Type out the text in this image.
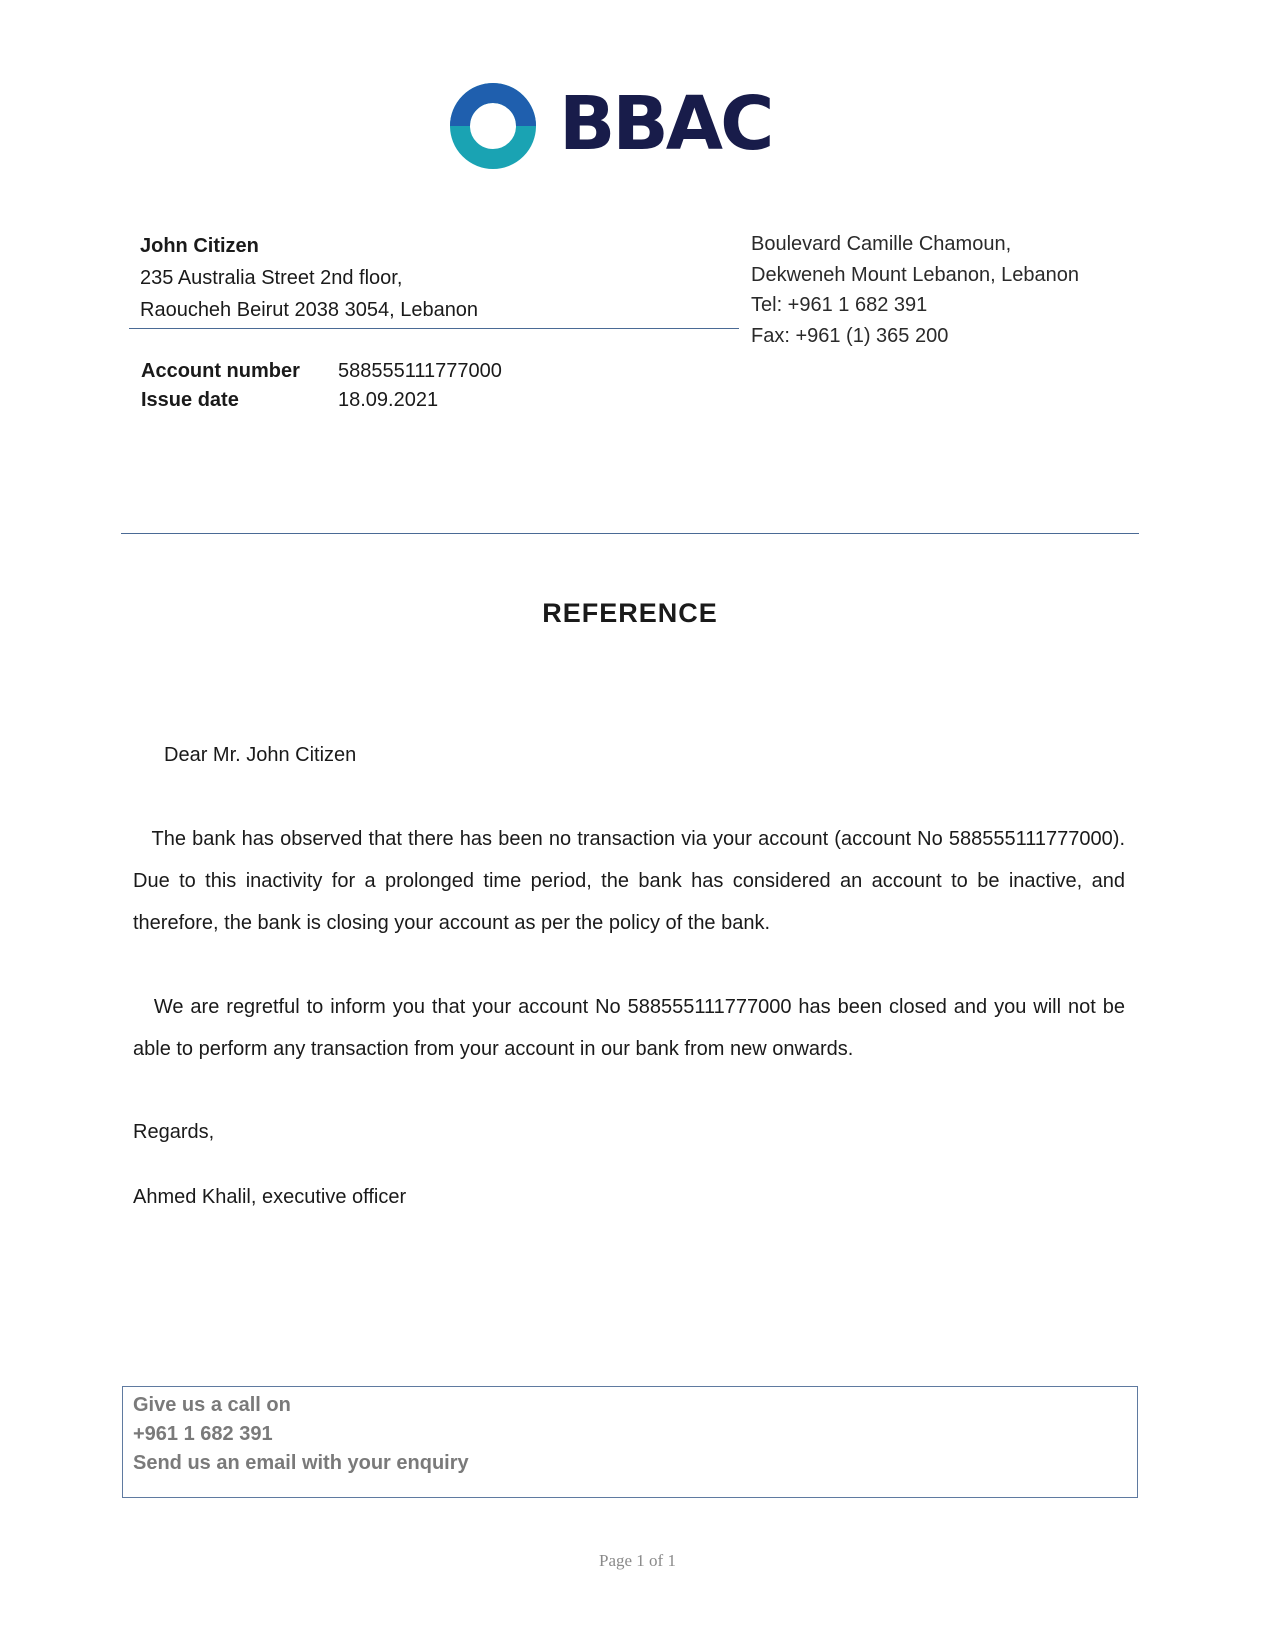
BBAC
John Citizen
235 Australia Street 2nd floor,
Raoucheh Beirut 2038 3054, Lebanon
Boulevard Camille Chamoun,
Dekweneh Mount Lebanon, Lebanon
Tel: +961 1 682 391
Fax: +961 (1) 365 200
Account number 588555111777000
Issue date	18.09.2021
REFERENCE
Dear Mr. John Citizen
The bank has observed that there has been no transaction via your account (account No 588555111777000). Due to this inactivity for a prolonged time period, the bank has considered an account to be inactive, and therefore, the bank is closing your account as per the policy of the bank.
We are regretful to inform you that your account No 588555111777000 has been closed and you will not be able to perform any transaction from your account in our bank from new onwards.
Regards,
Ahmed Khalil, executive officer
Give us a call on
+961 1 682 391
Send us an email with your enquiry
Page 1 of 1
